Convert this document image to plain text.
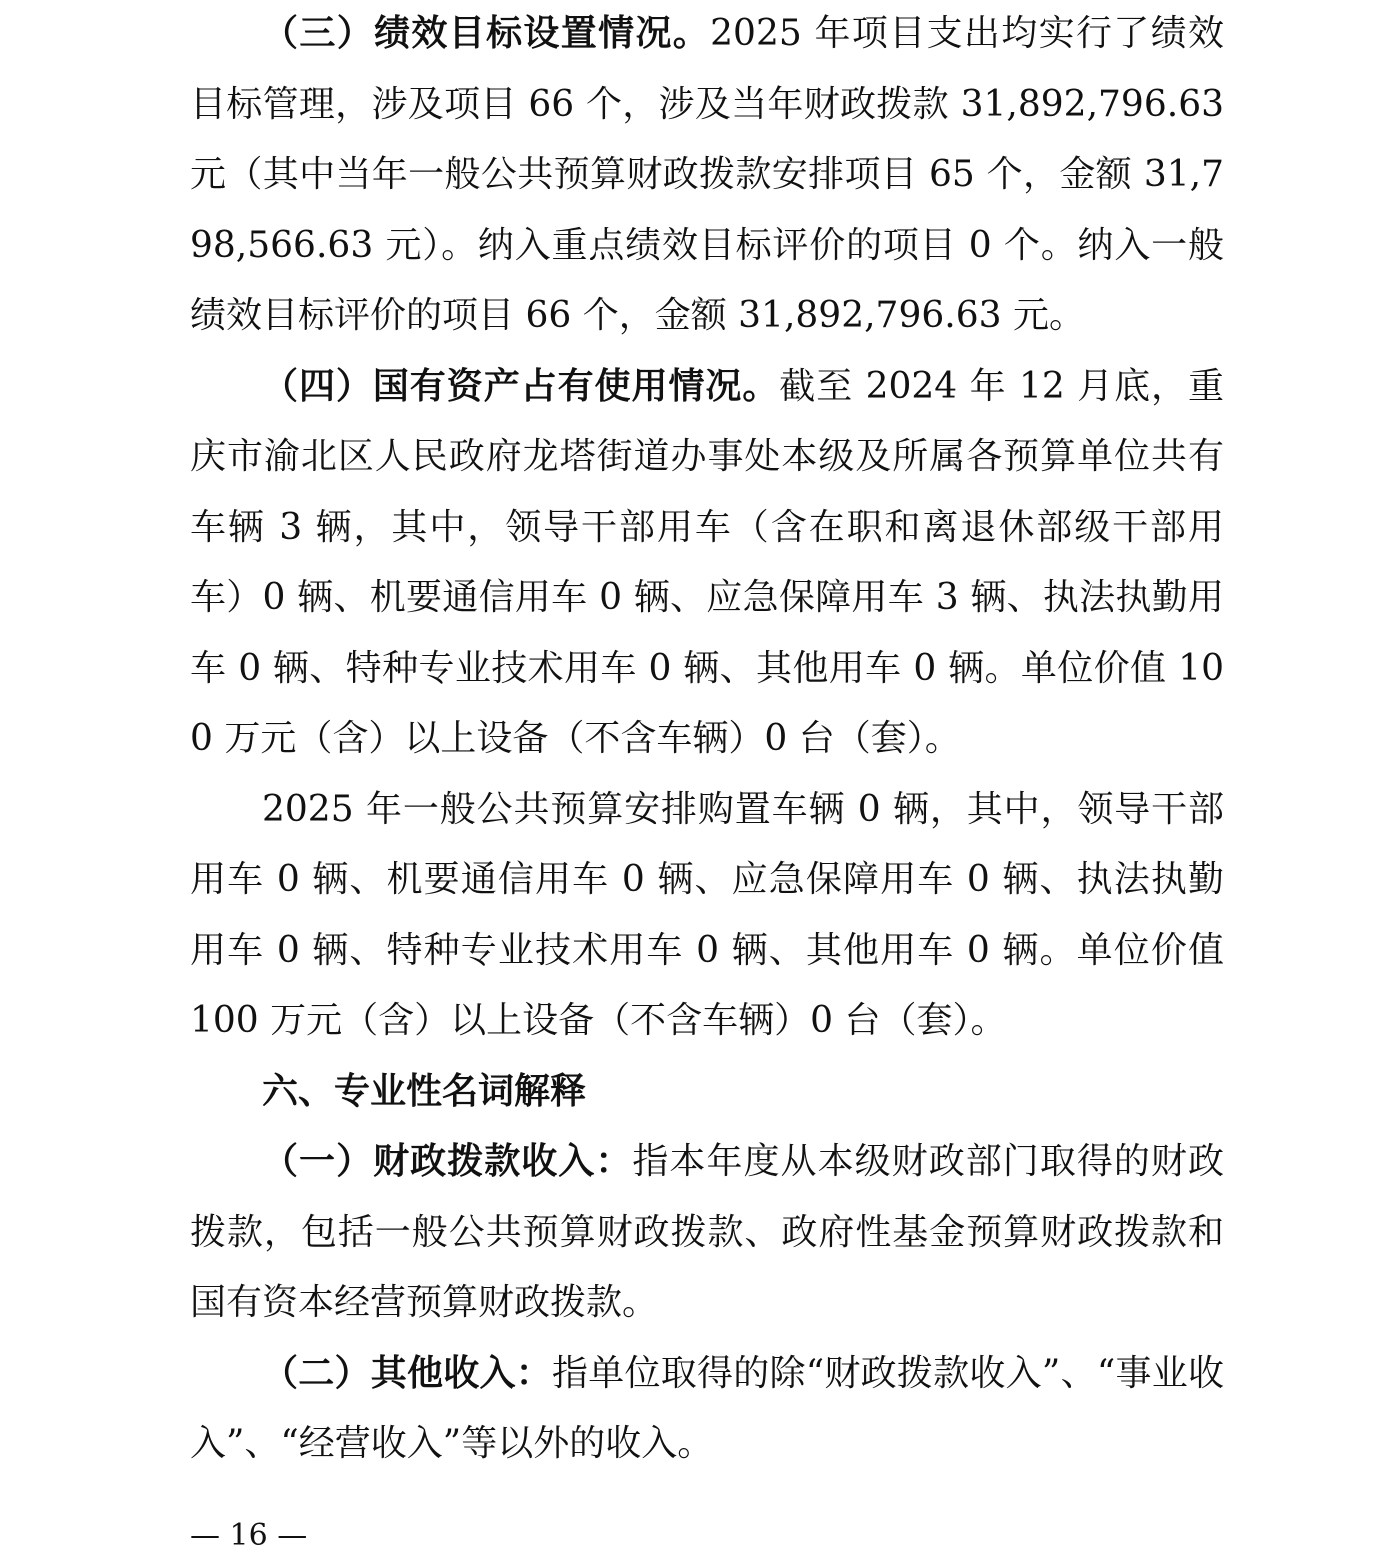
（三）绩效目标设置情况。2025 年项目支出均实行了绩效目标管理，涉及项目 66 个，涉及当年财政拨款 31,892,796.63 元（其中当年一般公共预算财政拨款安排项目 65 个，金额 31,798,566.63 元）。纳入重点绩效目标评价的项目 0 个。纳入一般绩效目标评价的项目 66 个，金额 31,892,796.63 元。

（四）国有资产占有使用情况。截至 2024 年 12 月底，重庆市渝北区人民政府龙塔街道办事处本级及所属各预算单位共有车辆 3 辆，其中，领导干部用车（含在职和离退休部级干部用车）0 辆、机要通信用车 0 辆、应急保障用车 3 辆、执法执勤用车 0 辆、特种专业技术用车 0 辆、其他用车 0 辆。单位价值 100 万元（含）以上设备（不含车辆）0 台（套）。

2025 年一般公共预算安排购置车辆 0 辆，其中，领导干部用车 0 辆、机要通信用车 0 辆、应急保障用车 0 辆、执法执勤用车 0 辆、特种专业技术用车 0 辆、其他用车 0 辆。单位价值 100 万元（含）以上设备（不含车辆）0 台（套）。

六、专业性名词解释

（一）财政拨款收入：指本年度从本级财政部门取得的财政拨款，包括一般公共预算财政拨款、政府性基金预算财政拨款和国有资本经营预算财政拨款。

（二）其他收入：指单位取得的除“财政拨款收入”、“事业收入”、“经营收入”等以外的收入。

— 16 —
